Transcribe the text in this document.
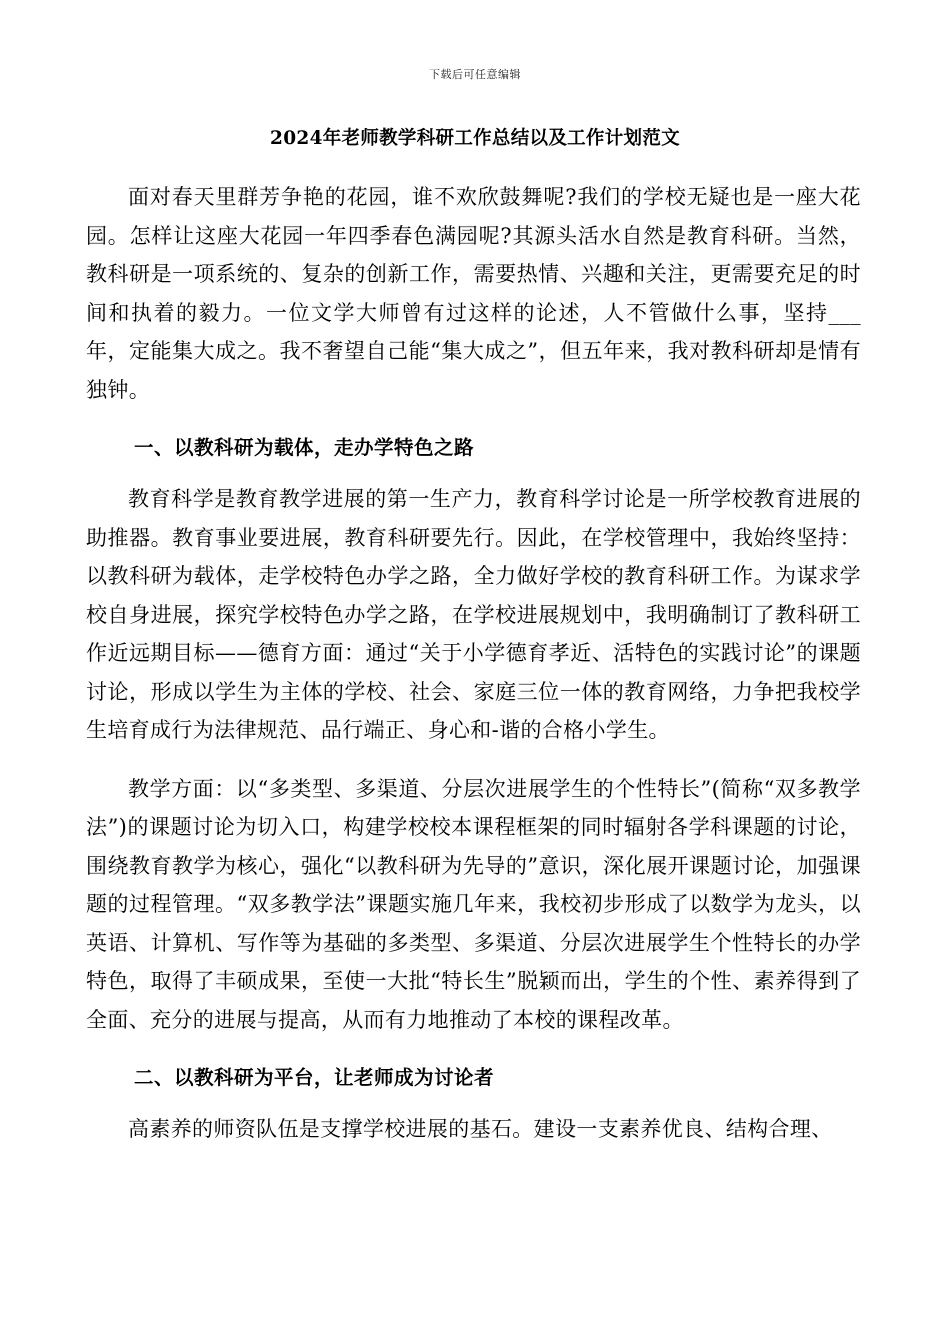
下载后可任意编辑
2024年老师教学科研工作总结以及工作计划范文

面对春天里群芳争艳的花园，谁不欢欣鼓舞呢?我们的学校无疑也是一座大花园。怎样让这座大花园一年四季春色满园呢?其源头活水自然是教育科研。当然，教科研是一项系统的、复杂的创新工作，需要热情、兴趣和关注，更需要充足的时间和执着的毅力。一位文学大师曾有过这样的论述，人不管做什么事，坚持___年，定能集大成之。我不奢望自己能“集大成之”，但五年来，我对教科研却是情有独钟。

一、以教科研为载体，走办学特色之路

教育科学是教育教学进展的第一生产力，教育科学讨论是一所学校教育进展的助推器。教育事业要进展，教育科研要先行。因此，在学校管理中，我始终坚持：以教科研为载体，走学校特色办学之路，全力做好学校的教育科研工作。为谋求学校自身进展，探究学校特色办学之路，在学校进展规划中，我明确制订了教科研工作近远期目标——德育方面：通过“关于小学德育孝近、活特色的实践讨论”的课题讨论，形成以学生为主体的学校、社会、家庭三位一体的教育网络，力争把我校学生培育成行为法律规范、品行端正、身心和-谐的合格小学生。

教学方面：以“多类型、多渠道、分层次进展学生的个性特长”(简称“双多教学法”)的课题讨论为切入口，构建学校校本课程框架的同时辐射各学科课题的讨论，围绕教育教学为核心，强化“以教科研为先导的”意识，深化展开课题讨论，加强课题的过程管理。“双多教学法”课题实施几年来，我校初步形成了以数学为龙头，以英语、计算机、写作等为基础的多类型、多渠道、分层次进展学生个性特长的办学特色，取得了丰硕成果，至使一大批“特长生”脱颖而出，学生的个性、素养得到了全面、充分的进展与提高，从而有力地推动了本校的课程改革。

二、以教科研为平台，让老师成为讨论者

高素养的师资队伍是支撑学校进展的基石。建设一支素养优良、结构合理、
